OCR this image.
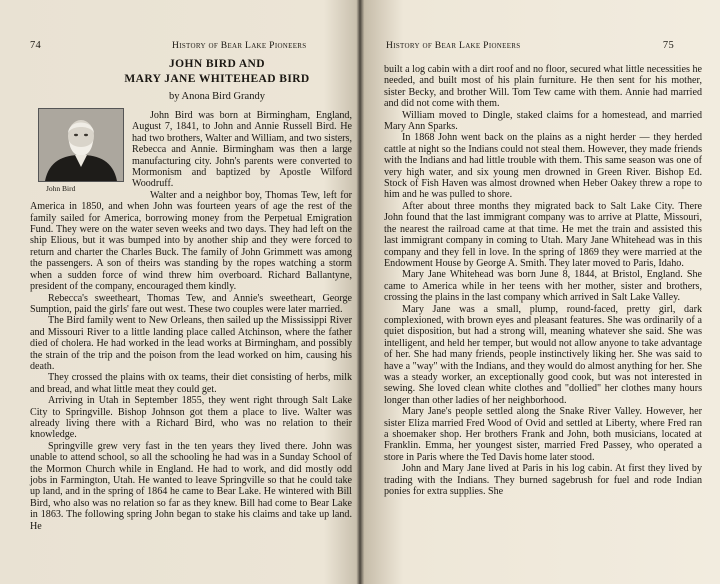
74	History of Bear Lake Pioneers
JOHN BIRD AND
MARY JANE WHITEHEAD BIRD
by Anona Bird Grandy
John Bird

John Bird was born at Birmingham, England, August 7, 1841, to John and Annie Russell Bird. He had two brothers, Walter and William, and two sisters, Rebecca and Annie. Birmingham was then a large manufacturing city. John's parents were converted to Mormonism and baptized by Apostle Wilford Woodruff.

Walter and a neighbor boy, Thomas Tew, left for America in 1850, and when John was fourteen years of age the rest of the family sailed for America, borrowing money from the Perpetual Emigration Fund. They were on the water seven weeks and two days. They had left on the ship Elious, but it was bumped into by another ship and they were forced to return and charter the Charles Buck. The family of John Grimmett was among the passengers. A son of theirs was standing by the ropes watching a storm when a sudden force of wind threw him overboard. Richard Ballantyne, president of the company, encouraged them kindly.

Rebecca's sweetheart, Thomas Tew, and Annie's sweetheart, George Sumption, paid the girls' fare out west. These two couples were later married.

The Bird family went to New Orleans, then sailed up the Mississippi River and Missouri River to a little landing place called Atchinson, where the father died of cholera. He had worked in the lead works at Birmingham, and possibly the strain of the trip and the poison from the lead worked on him, causing his death.

They crossed the plains with ox teams, their diet consisting of herbs, milk and bread, and what little meat they could get.

Arriving in Utah in September 1855, they went right through Salt Lake City to Springville. Bishop Johnson got them a place to live. Walter was already living there with a Richard Bird, who was no relation to their knowledge.

Springville grew very fast in the ten years they lived there. John was unable to attend school, so all the schooling he had was in a Sunday School of the Mormon Church while in England. He had to work, and did mostly odd jobs in Farmington, Utah. He wanted to leave Springville so that he could take up land, and in the spring of 1864 he came to Bear Lake. He wintered with Bill Bird, who also was no relation so far as they knew. Bill had come to Bear Lake in 1863. The following spring John began to stake his claims and take up land. He

History of Bear Lake Pioneers	75

built a log cabin with a dirt roof and no floor, secured what little necessities he needed, and built most of his plain furniture. He then sent for his mother, sister Becky, and brother Will. Tom Tew came with them. Annie had married and did not come with them.

William moved to Dingle, staked claims for a homestead, and married Mary Ann Sparks.

In 1868 John went back on the plains as a night herder — they herded cattle at night so the Indians could not steal them. However, they made friends with the Indians and had little trouble with them. This same season was one of very high water, and six young men drowned in Green River. Bishop Ed. Stock of Fish Haven was almost drowned when Heber Oakey threw a rope to him and he was pulled to shore.

After about three months they migrated back to Salt Lake City. There John found that the last immigrant company was to arrive at Platte, Missouri, the nearest the railroad came at that time. He met the train and assisted this last immigrant company in coming to Utah. Mary Jane Whitehead was in this company and they fell in love. In the spring of 1869 they were married at the Endowment House by George A. Smith. They later moved to Paris, Idaho.

Mary Jane Whitehead was born June 8, 1844, at Bristol, England. She came to America while in her teens with her mother, sister and brothers, crossing the plains in the last company which arrived in Salt Lake Valley.

Mary Jane was a small, plump, round-faced, pretty girl, dark complexioned, with brown eyes and pleasant features. She was ordinarily of a quiet disposition, but had a strong will, meaning whatever she said. She was intelligent, and held her temper, but would not allow anyone to take advantage of her. She had many friends, people instinctively liking her. She was said to have a "way" with the Indians, and they would do almost anything for her. She was a steady worker, an exceptionally good cook, but was not interested in sewing. She loved clean white clothes and "dollied" her clothes many hours longer than other ladies of her neighborhood.

Mary Jane's people settled along the Snake River Valley. However, her sister Eliza married Fred Wood of Ovid and settled at Liberty, where Fred ran a shoemaker shop. Her brothers Frank and John, both musicians, located at Franklin. Emma, her youngest sister, married Fred Passey, who operated a store in Paris where the Ted Davis home later stood.

John and Mary Jane lived at Paris in his log cabin. At first they lived by trading with the Indians. They burned sagebrush for fuel and rode Indian ponies for extra supplies. She
